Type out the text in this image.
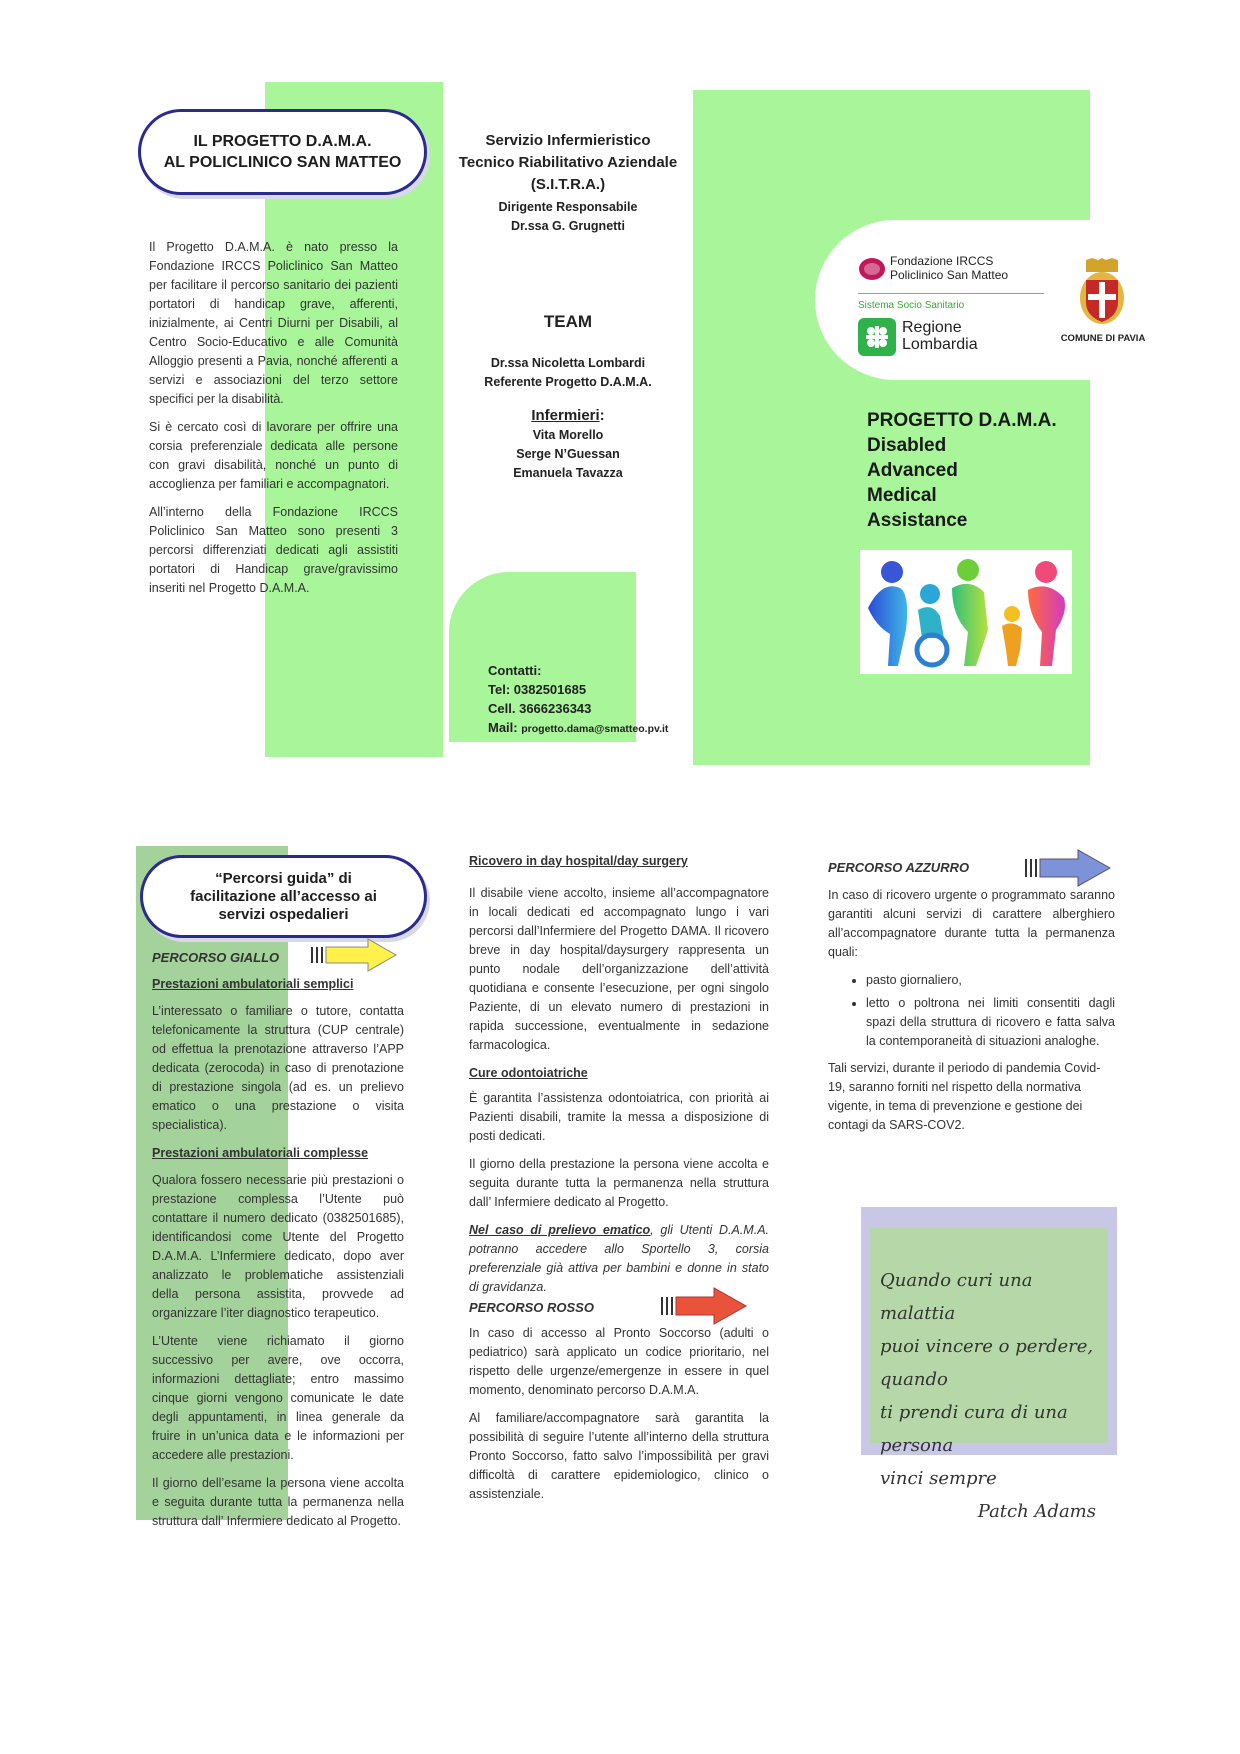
IL PROGETTO D.A.M.A.
AL POLICLINICO SAN MATTEO

Il Progetto D.A.M.A. è nato presso la Fondazione IRCCS Policlinico San Matteo per facilitare il percorso sanitario dei pazienti portatori di handicap grave, afferenti, inizialmente, ai Centri Diurni per Disabili, al Centro Socio-Educativo e alle Comunità Alloggio presenti a Pavia, nonché afferenti a servizi e associazioni del terzo settore specifici per la disabilità.

Si è cercato così di lavorare per offrire una corsia preferenziale dedicata alle persone con gravi disabilità, nonché un punto di accoglienza per familiari e accompagnatori.

All’interno della Fondazione IRCCS Policlinico San Matteo sono presenti 3 percorsi differenziati dedicati agli assistiti portatori di Handicap grave/gravissimo inseriti nel Progetto D.A.M.A.

Servizio Infermieristico
Tecnico Riabilitativo Aziendale
(S.I.T.R.A.)
Dirigente Responsabile
Dr.ssa G. Grugnetti
TEAM
Dr.ssa Nicoletta Lombardi
Referente Progetto D.A.M.A.
Infermieri:
Vita Morello
Serge N’Guessan
Emanuela Tavazza
Contatti:
Tel: 0382501685
Cell. 3666236343
Mail: progetto.dama@smatteo.pv.it
Fondazione IRCCS
Policlinico San Matteo
Sistema Socio Sanitario
Regione
Lombardia	COMUNE DI PAVIA
PROGETTO D.A.M.A.
Disabled
Advanced
Medical
Assistance
“Percorsi guida” di
facilitazione all’accesso ai
servizi ospedalieri
PERCORSO GIALLO
Prestazioni ambulatoriali semplici

L’interessato o familiare o tutore, contatta telefonicamente la struttura (CUP centrale) od effettua la prenotazione attraverso l’APP dedicata (zerocoda) in caso di prenotazione di prestazione singola (ad es. un prelievo ematico o una prestazione o visita specialistica).

Prestazioni ambulatoriali complesse

Qualora fossero necessarie più prestazioni o prestazione complessa l’Utente può contattare il numero dedicato (0382501685), identificandosi come Utente del Progetto D.A.M.A. L’Infermiere dedicato, dopo aver analizzato le problematiche assistenziali della persona assistita, provvede ad organizzare l’iter diagnostico terapeutico.

L’Utente viene richiamato il giorno successivo per avere, ove occorra, informazioni dettagliate; entro massimo cinque giorni vengono comunicate le date degli appuntamenti, in linea generale da fruire in un’unica data e le informazioni per accedere alle prestazioni.

Il giorno dell’esame la persona viene accolta e seguita durante tutta la permanenza nella struttura dall’ Infermiere dedicato al Progetto.

Ricovero in day hospital/day surgery

Il disabile viene accolto, insieme all’accompagnatore in locali dedicati ed accompagnato lungo i vari percorsi dall’Infermiere del Progetto DAMA. Il ricovero breve in day hospital/daysurgery rappresenta un punto nodale dell’organizzazione dell’attività quotidiana e consente l’esecuzione, per ogni singolo Paziente, di un elevato numero di prestazioni in rapida successione, eventualmente in sedazione farmacologica.

Cure odontoiatriche

È garantita l’assistenza odontoiatrica, con priorità ai Pazienti disabili, tramite la messa a disposizione di posti dedicati.

Il giorno della prestazione la persona viene accolta e seguita durante tutta la permanenza nella struttura dall’ Infermiere dedicato al Progetto.

Nel caso di prelievo ematico, gli Utenti D.A.M.A. potranno accedere allo Sportello 3, corsia preferenziale già attiva per bambini e donne in stato di gravidanza.

PERCORSO ROSSO

In caso di accesso al Pronto Soccorso (adulti o pediatrico) sarà applicato un codice prioritario, nel rispetto delle urgenze/emergenze in essere in quel momento, denominato percorso D.A.M.A.

Al familiare/accompagnatore sarà garantita la possibilità di seguire l’utente all’interno della struttura Pronto Soccorso, fatto salvo l’impossibilità per gravi difficoltà di carattere epidemiologico, clinico o assistenziale.

PERCORSO AZZURRO

In caso di ricovero urgente o programmato saranno garantiti alcuni servizi di carattere alberghiero all’accompagnatore durante tutta la permanenza quali:

• pasto giornaliero,
• letto o poltrona nei limiti consentiti dagli spazi della struttura di ricovero e fatta salva la contemporaneità di situazioni analoghe.

Tali servizi, durante il periodo di pandemia Covid-19, saranno forniti nel rispetto della normativa vigente, in tema di prevenzione e gestione dei contagi da SARS-COV2.

Quando curi una malattia
puoi vincere o perdere, quando
ti prendi cura di una persona
vinci sempre
Patch Adams
